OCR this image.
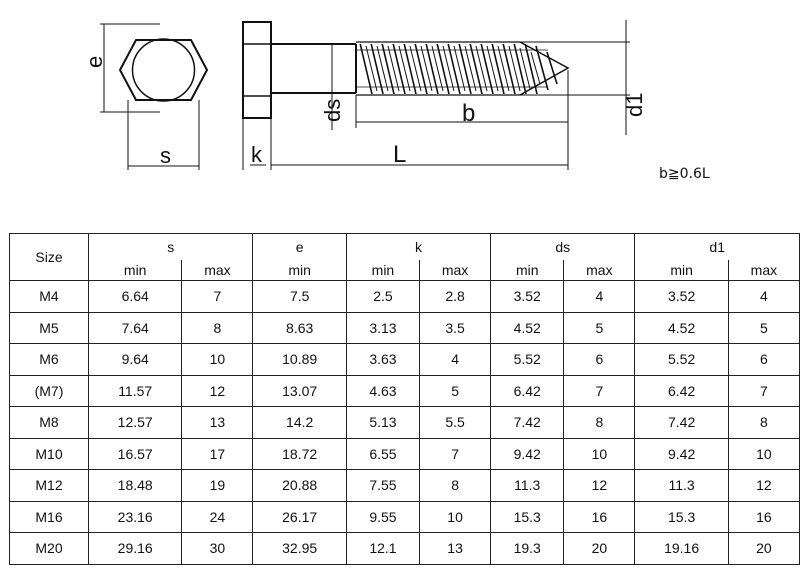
e
s	k	L
ds	b	d1
b≧0.6L
Size	s		e	k		ds		d1	
	min	max	min	min	max	min	max	min	max
M4	6.64	7	7.5	2.5	2.8	3.52	4	3.52	4
M5	7.64	8	8.63	3.13	3.5	4.52	5	4.52	5
M6	9.64	10	10.89	3.63	4	5.52	6	5.52	6
(M7)	11.57	12	13.07	4.63	5	6.42	7	6.42	7
M8	12.57	13	14.2	5.13	5.5	7.42	8	7.42	8
M10	16.57	17	18.72	6.55	7	9.42	10	9.42	10
M12	18.48	19	20.88	7.55	8	11.3	12	11.3	12
M16	23.16	24	26.17	9.55	10	15.3	16	15.3	16
M20	29.16	30	32.95	12.1	13	19.3	20	19.16	20
